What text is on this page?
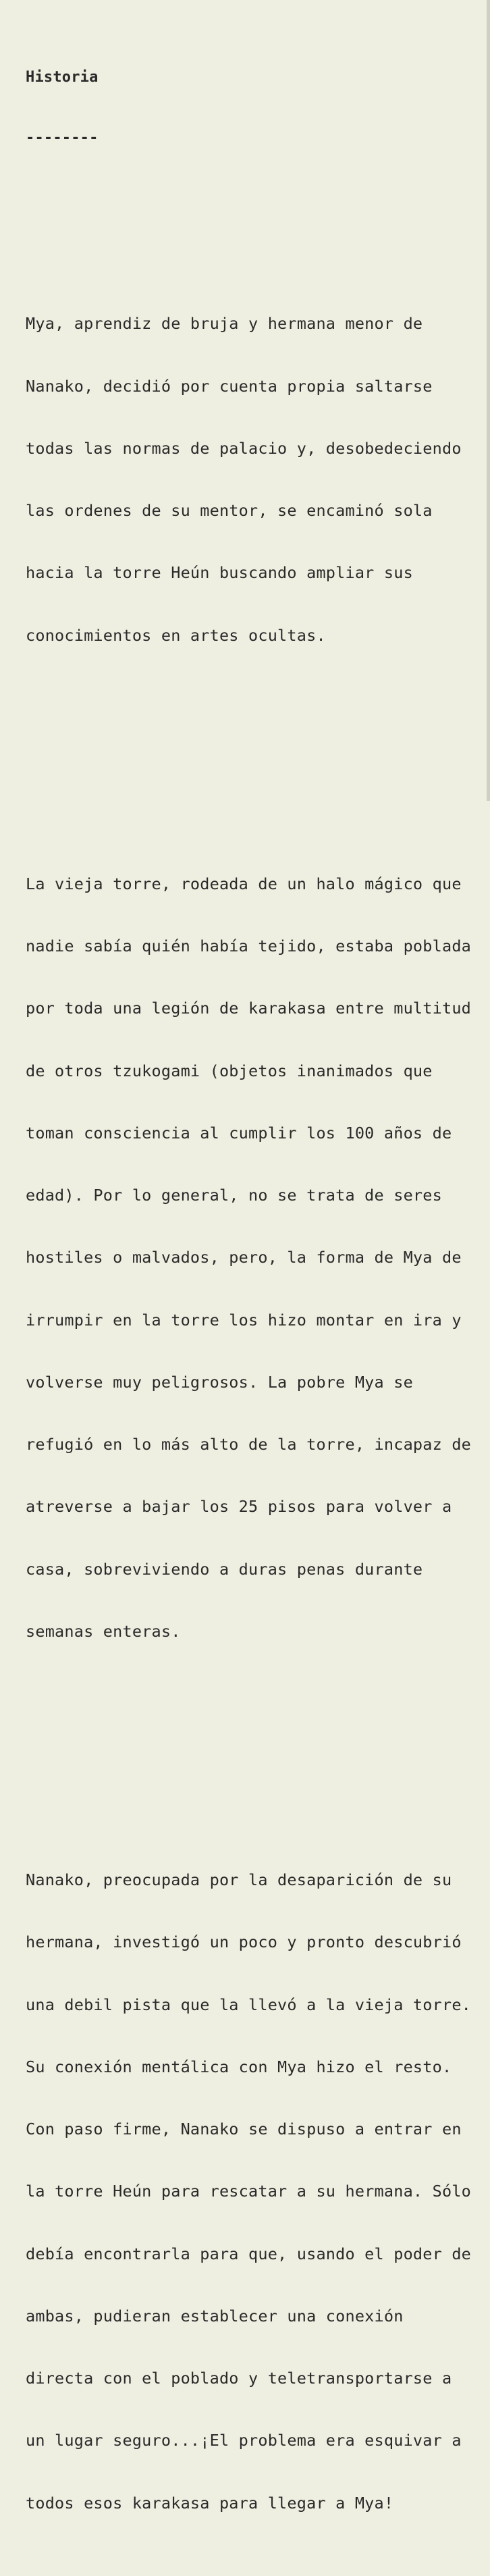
Historia

--------

Mya, aprendiz de bruja y hermana menor de

Nanako, decidió por cuenta propia saltarse

todas las normas de palacio y, desobedeciendo

las ordenes de su mentor, se encaminó sola

hacia la torre Heún buscando ampliar sus

conocimientos en artes ocultas.

La vieja torre, rodeada de un halo mágico que

nadie sabía quién había tejido, estaba poblada

por toda una legión de karakasa entre multitud

de otros tzukogami (objetos inanimados que

toman consciencia al cumplir los 100 años de

edad). Por lo general, no se trata de seres

hostiles o malvados, pero, la forma de Mya de

irrumpir en la torre los hizo montar en ira y

volverse muy peligrosos. La pobre Mya se

refugió en lo más alto de la torre, incapaz de

atreverse a bajar los 25 pisos para volver a

casa, sobreviviendo a duras penas durante

semanas enteras.

Nanako, preocupada por la desaparición de su

hermana, investigó un poco y pronto descubrió

una debil pista que la llevó a la vieja torre.

Su conexión mentálica con Mya hizo el resto.

Con paso firme, Nanako se dispuso a entrar en

la torre Heún para rescatar a su hermana. Sólo

debía encontrarla para que, usando el poder de

ambas, pudieran establecer una conexión

directa con el poblado y teletransportarse a

un lugar seguro...¡El problema era esquivar a

todos esos karakasa para llegar a Mya!
